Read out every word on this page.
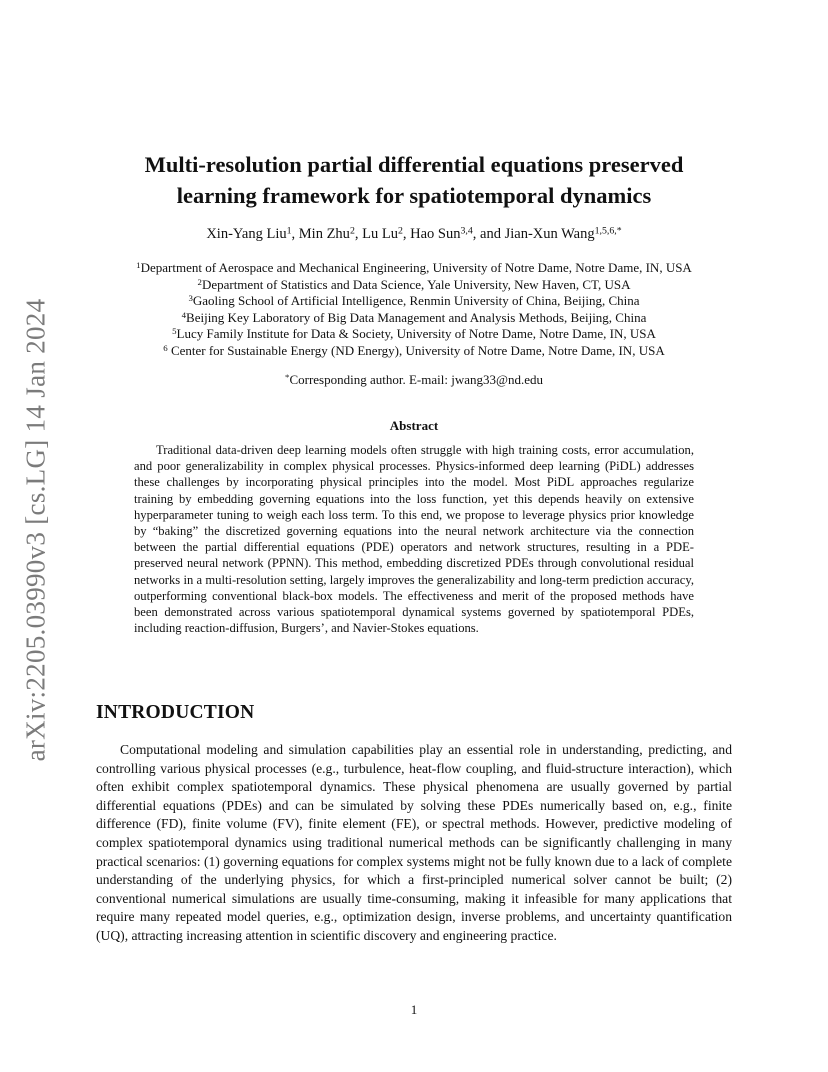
arXiv:2205.03990v3 [cs.LG] 14 Jan 2024
Multi-resolution partial differential equations preserved
learning framework for spatiotemporal dynamics
Xin-Yang Liu$^1$, Min Zhu$^2$, Lu Lu$^2$, Hao Sun$^{3,4}$, and Jian-Xun Wang$^{1,5,6,*}$
$^1$Department of Aerospace and Mechanical Engineering, University of Notre Dame, Notre Dame, IN, USA
$^2$Department of Statistics and Data Science, Yale University, New Haven, CT, USA
$^3$Gaoling School of Artificial Intelligence, Renmin University of China, Beijing, China
$^4$Beijing Key Laboratory of Big Data Management and Analysis Methods, Beijing, China
$^5$Lucy Family Institute for Data & Society, University of Notre Dame, Notre Dame, IN, USA
$^6$ Center for Sustainable Energy (ND Energy), University of Notre Dame, Notre Dame, IN, USA
*Corresponding author. E-mail: jwang33@nd.edu
Abstract
Traditional data-driven deep learning models often struggle with high training costs, error accumulation, and poor generalizability in complex physical processes. Physics-informed deep learning (PiDL) addresses these challenges by incorporating physical principles into the model. Most PiDL approaches regularize training by embedding governing equations into the loss function, yet this depends heavily on extensive hyperparameter tuning to weigh each loss term. To this end, we propose to leverage physics prior knowledge by “baking” the discretized governing equations into the neural network architecture via the connection between the partial differential equations (PDE) operators and network structures, resulting in a PDE-preserved neural network (PPNN). This method, embedding discretized PDEs through convolutional residual networks in a multi-resolution setting, largely improves the generalizability and long-term prediction accuracy, outperforming conventional black-box models. The effectiveness and merit of the proposed methods have been demonstrated across various spatiotemporal dynamical systems governed by spatiotemporal PDEs, including reaction-diffusion, Burgers’, and Navier-Stokes equations.
INTRODUCTION
Computational modeling and simulation capabilities play an essential role in understanding, predicting, and controlling various physical processes (e.g., turbulence, heat-flow coupling, and fluid-structure interaction), which often exhibit complex spatiotemporal dynamics. These physical phenomena are usually governed by partial differential equations (PDEs) and can be simulated by solving these PDEs numerically based on, e.g., finite difference (FD), finite volume (FV), finite element (FE), or spectral methods. However, predictive modeling of complex spatiotemporal dynamics using traditional numerical methods can be significantly challenging in many practical scenarios: (1) governing equations for complex systems might not be fully known due to a lack of complete understanding of the underlying physics, for which a first-principled numerical solver cannot be built; (2) conventional numerical simulations are usually time-consuming, making it infeasible for many applications that require many repeated model queries, e.g., optimization design, inverse problems, and uncertainty quantification (UQ), attracting increasing attention in scientific discovery and engineering practice.
1
